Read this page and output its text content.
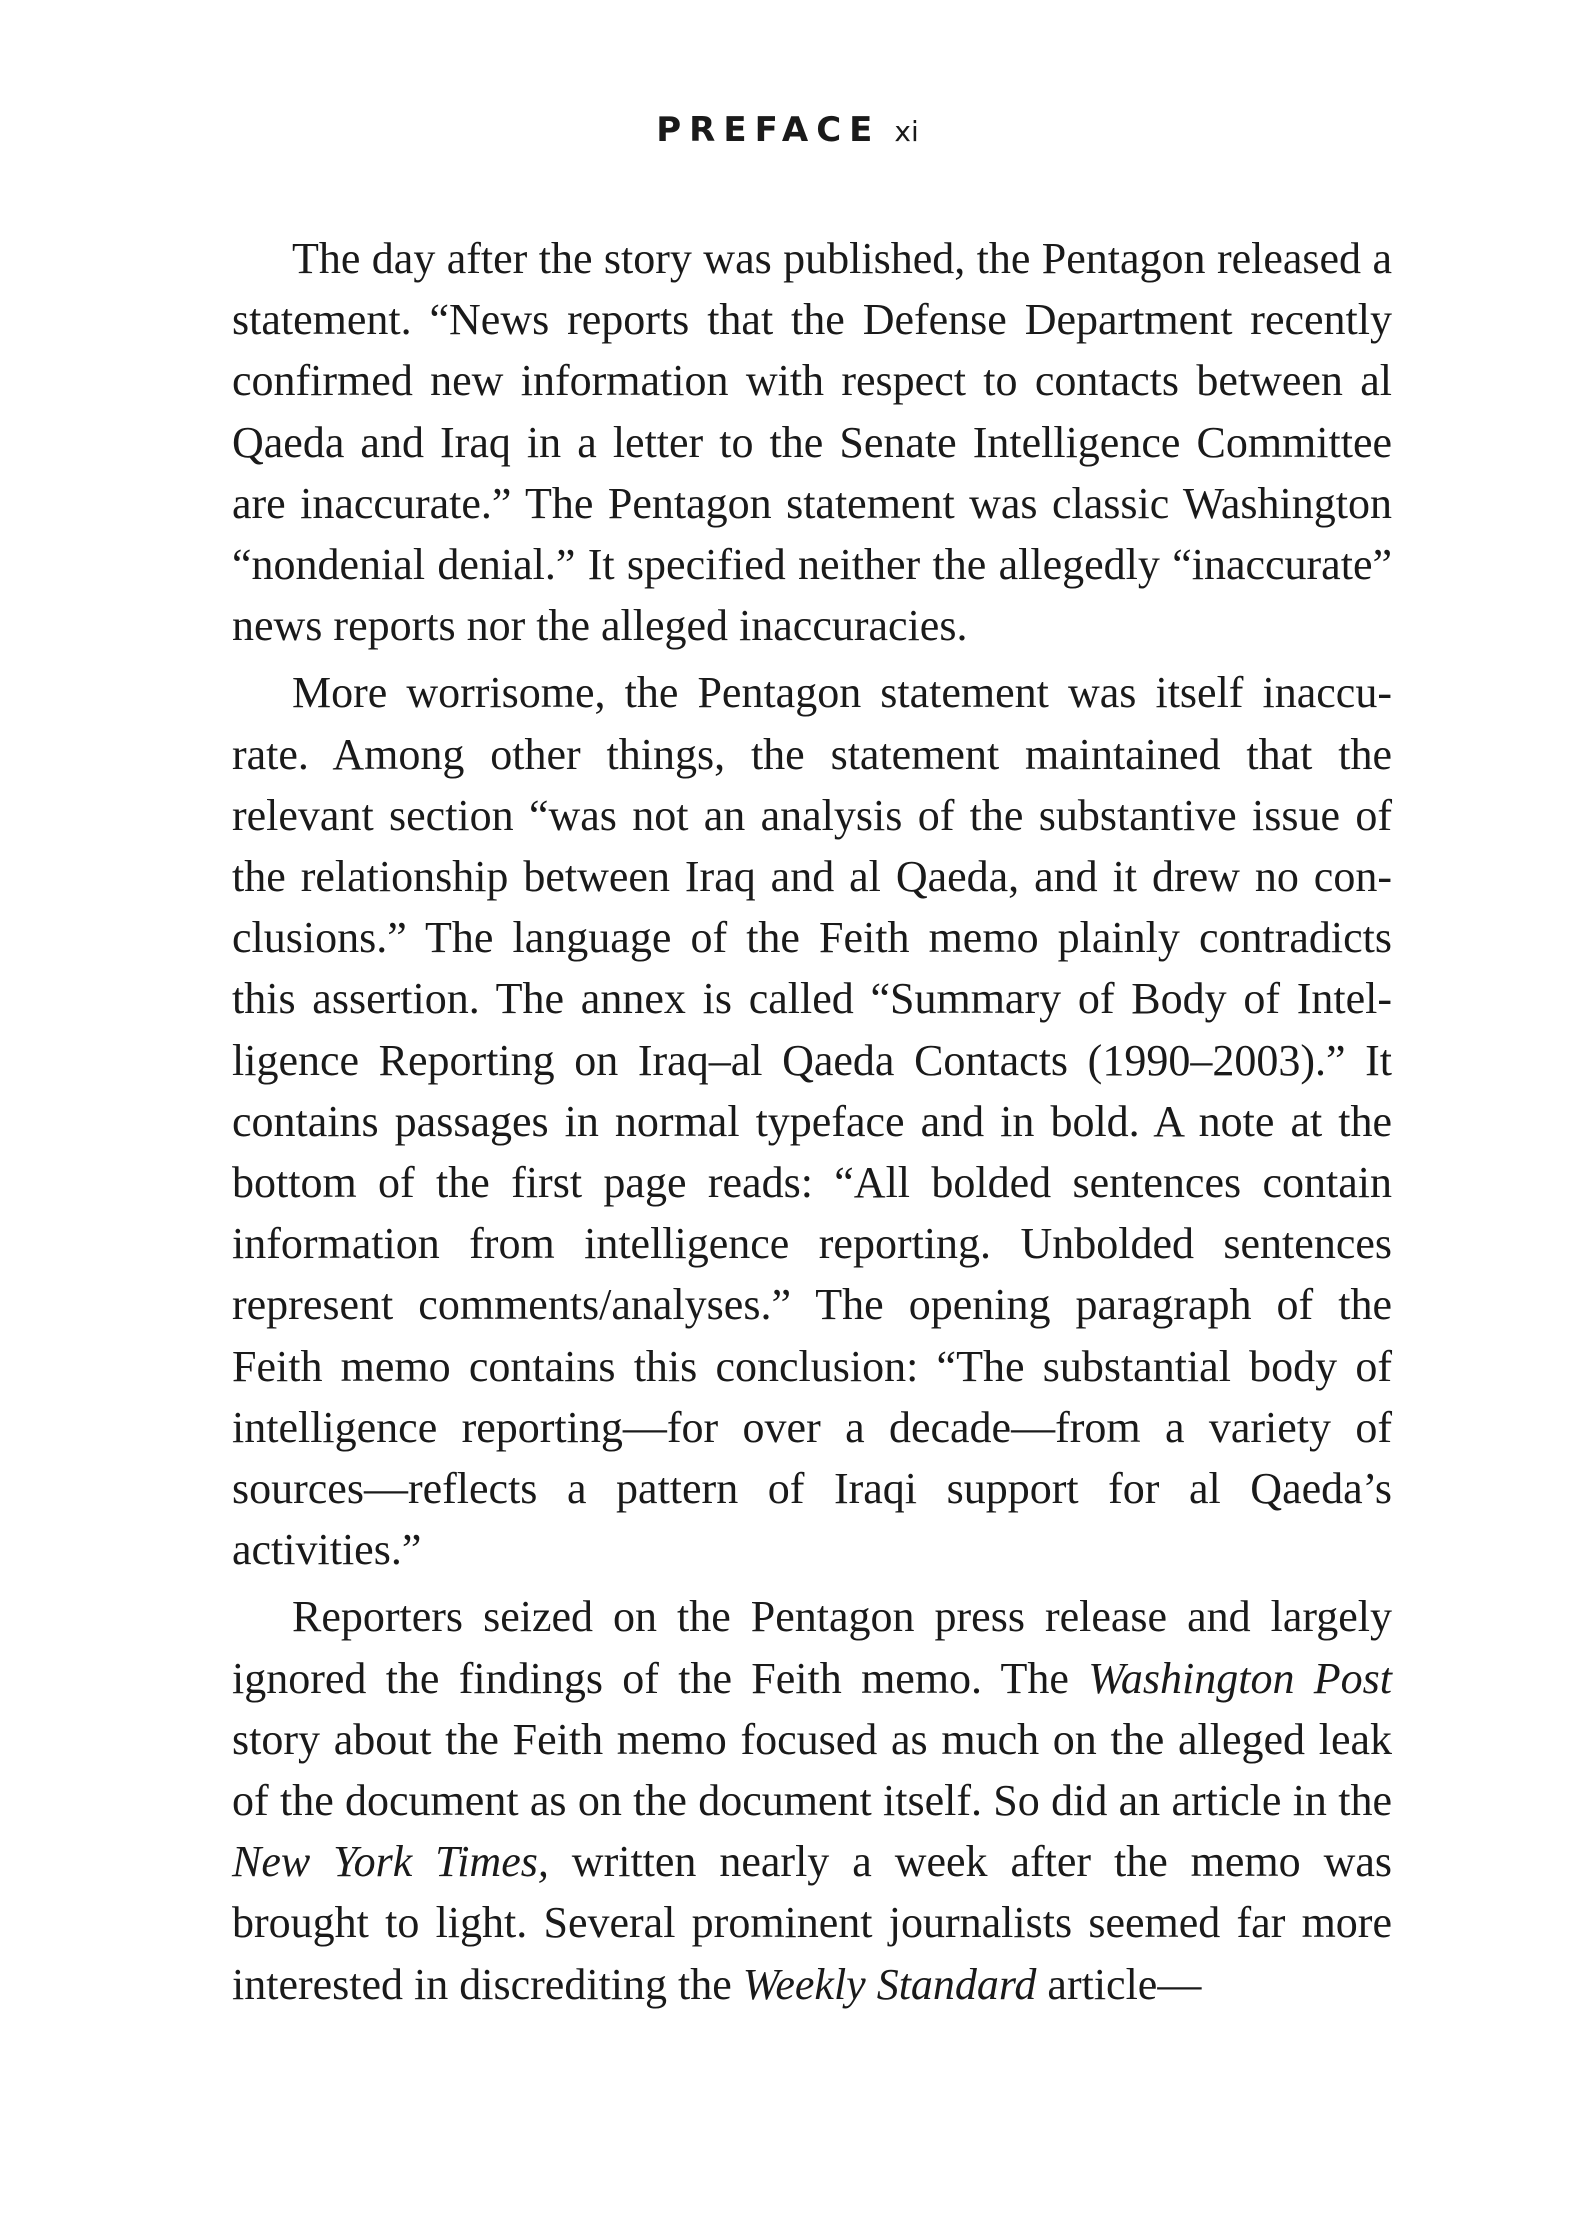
PREFACE xi

The day after the story was published, the Pentagon released a statement. “News reports that the Defense Department recently confirmed new information with respect to contacts between al Qaeda and Iraq in a letter to the Senate Intelligence Committee are inaccurate.” The Pentagon statement was classic Washington “nondenial denial.” It specified neither the allegedly “inaccurate” news reports nor the alleged inaccuracies.

More worrisome, the Pentagon statement was itself inaccurate. Among other things, the statement maintained that the relevant section “was not an analysis of the substantive issue of the relationship between Iraq and al Qaeda, and it drew no conclusions.” The language of the Feith memo plainly contradicts this assertion. The annex is called “Summary of Body of Intelligence Reporting on Iraq–al Qaeda Contacts (1990–2003).” It contains passages in normal typeface and in bold. A note at the bottom of the first page reads: “All bolded sentences contain information from intelligence reporting. Unbolded sentences represent comments/analyses.” The opening paragraph of the Feith memo contains this conclusion: “The substantial body of intelligence reporting—for over a decade—from a variety of sources—reflects a pattern of Iraqi support for al Qaeda’s activities.”

Reporters seized on the Pentagon press release and largely ignored the findings of the Feith memo. The Washington Post story about the Feith memo focused as much on the alleged leak of the document as on the document itself. So did an article in the New York Times, written nearly a week after the memo was brought to light. Several prominent journalists seemed far more interested in discrediting the Weekly Standard article—
